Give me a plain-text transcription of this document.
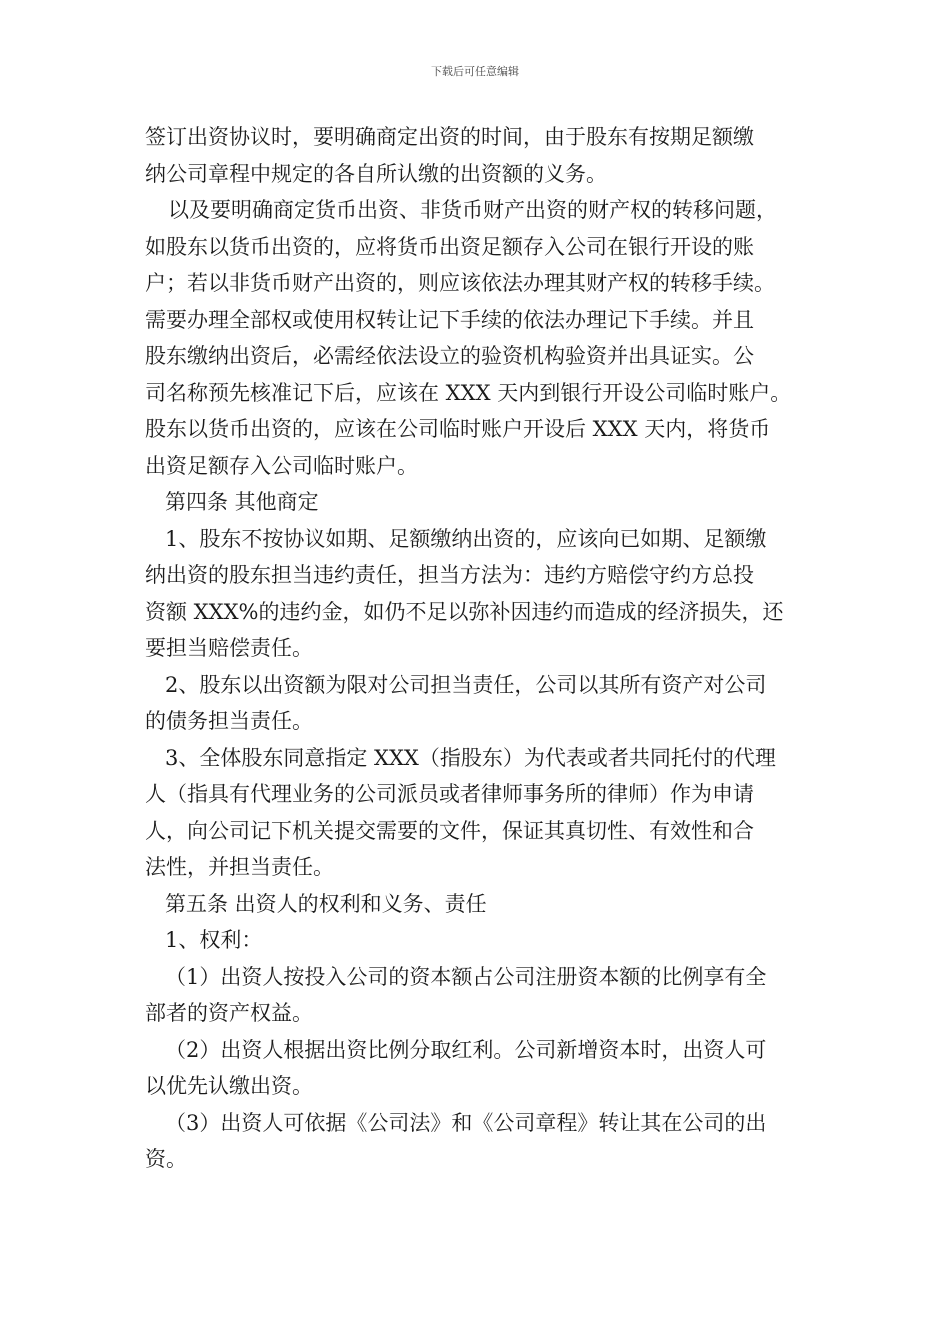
下载后可任意编辑

签订出资协议时，要明确商定出资的时间，由于股东有按期足额缴

纳公司章程中规定的各自所认缴的出资额的义务。

以及要明确商定货币出资、非货币财产出资的财产权的转移问题，

如股东以货币出资的，应将货币出资足额存入公司在银行开设的账

户；若以非货币财产出资的，则应该依法办理其财产权的转移手续。

需要办理全部权或使用权转让记下手续的依法办理记下手续。并且

股东缴纳出资后，必需经依法设立的验资机构验资并出具证实。公

司名称预先核准记下后，应该在 XXX 天内到银行开设公司临时账户。

股东以货币出资的，应该在公司临时账户开设后 XXX 天内，将货币

出资足额存入公司临时账户。

第四条 其他商定

1、股东不按协议如期、足额缴纳出资的，应该向已如期、足额缴

纳出资的股东担当违约责任，担当方法为：违约方赔偿守约方总投

资额 XXX%的违约金，如仍不足以弥补因违约而造成的经济损失，还

要担当赔偿责任。

2、股东以出资额为限对公司担当责任，公司以其所有资产对公司

的债务担当责任。

3、全体股东同意指定 XXX（指股东）为代表或者共同托付的代理

人（指具有代理业务的公司派员或者律师事务所的律师）作为申请

人，向公司记下机关提交需要的文件，保证其真切性、有效性和合

法性，并担当责任。

第五条 出资人的权利和义务、责任

1、权利：

（1）出资人按投入公司的资本额占公司注册资本额的比例享有全

部者的资产权益。

（2）出资人根据出资比例分取红利。公司新增资本时，出资人可

以优先认缴出资。

（3）出资人可依据《公司法》和《公司章程》转让其在公司的出

资。
